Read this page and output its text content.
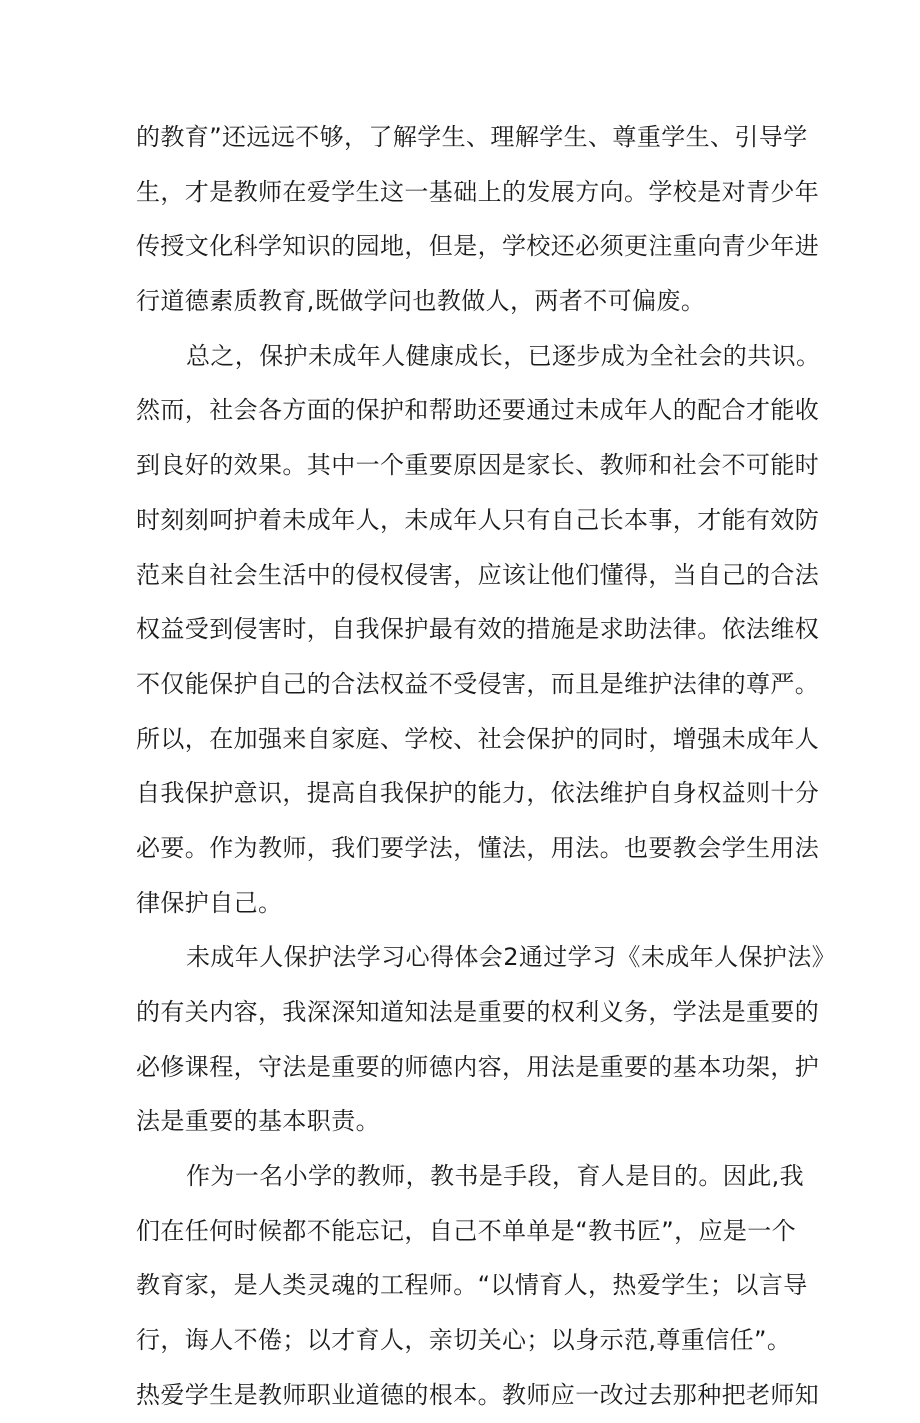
的教育”还远远不够，了解学生、理解学生、尊重学生、引导学
生，才是教师在爱学生这一基础上的发展方向。学校是对青少年
传授文化科学知识的园地，但是，学校还必须更注重向青少年进
行道德素质教育,既做学问也教做人，两者不可偏废。
总之，保护未成年人健康成长，已逐步成为全社会的共识。
然而，社会各方面的保护和帮助还要通过未成年人的配合才能收
到良好的效果。其中一个重要原因是家长、教师和社会不可能时
时刻刻呵护着未成年人，未成年人只有自己长本事，才能有效防
范来自社会生活中的侵权侵害，应该让他们懂得，当自己的合法
权益受到侵害时，自我保护最有效的措施是求助法律。依法维权
不仅能保护自己的合法权益不受侵害，而且是维护法律的尊严。
所以，在加强来自家庭、学校、社会保护的同时，增强未成年人
自我保护意识，提高自我保护的能力，依法维护自身权益则十分
必要。作为教师，我们要学法，懂法，用法。也要教会学生用法
律保护自己。
未成年人保护法学习心得体会2通过学习《未成年人保护法》
的有关内容，我深深知道知法是重要的权利义务，学法是重要的
必修课程，守法是重要的师德内容，用法是重要的基本功架，护
法是重要的基本职责。
作为一名小学的教师，教书是手段，育人是目的。因此,我
们在任何时候都不能忘记，自己不单单是“教书匠”，应是一个
教育家，是人类灵魂的工程师。“以情育人，热爱学生；以言导
行，诲人不倦；以才育人，亲切关心；以身示范,尊重信任”。
热爱学生是教师职业道德的根本。教师应一改过去那种把老师知
